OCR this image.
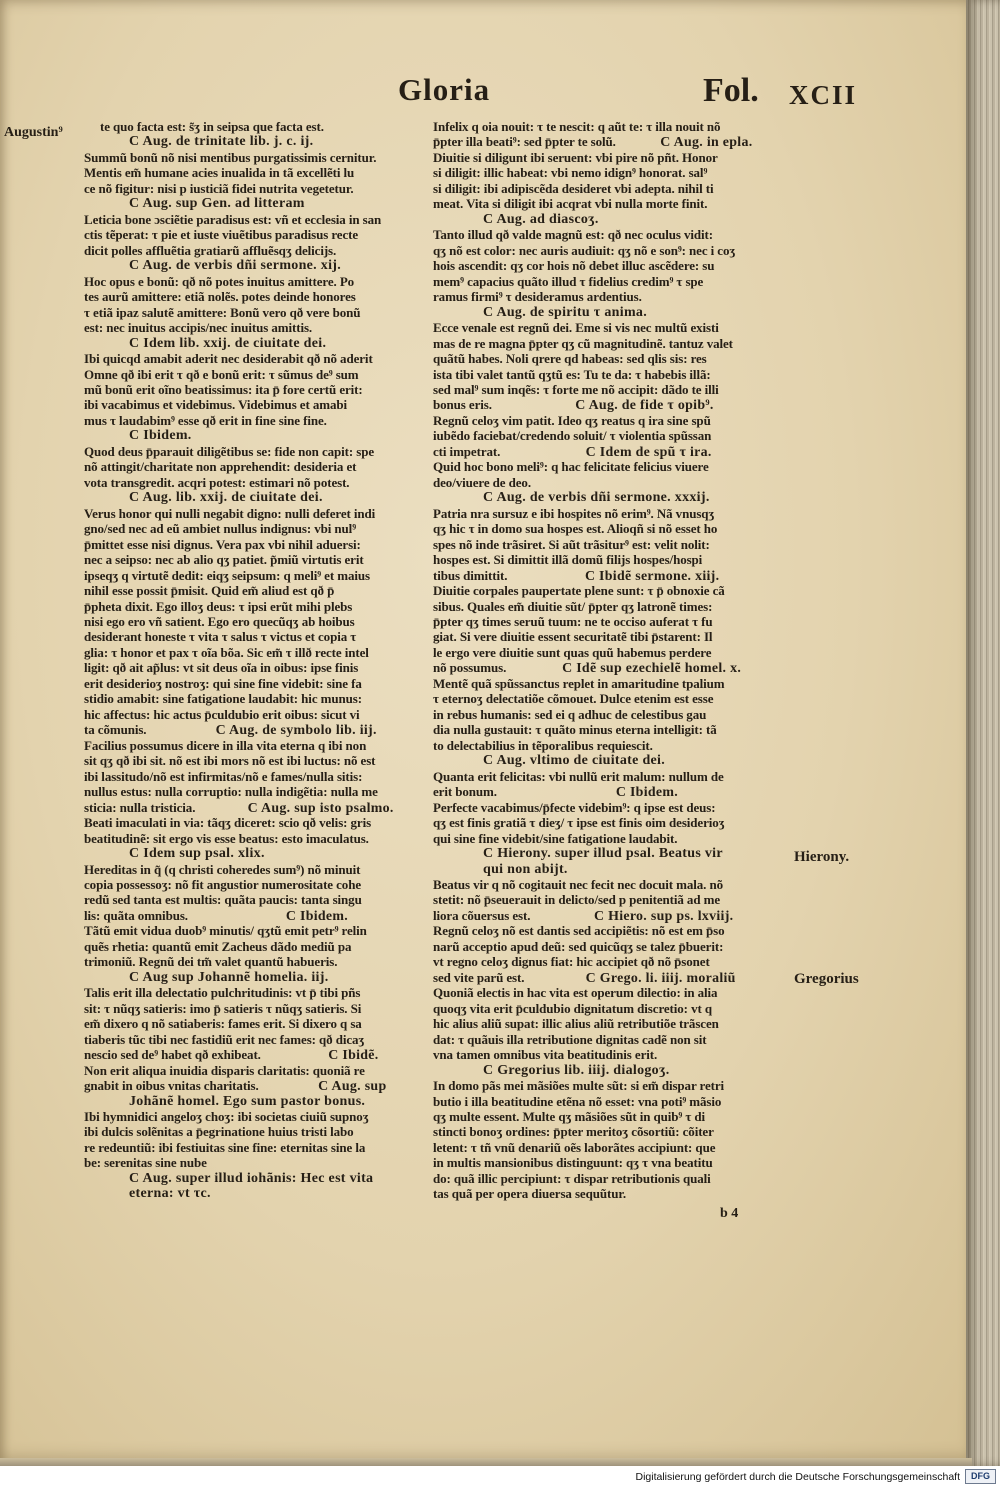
Gloria	Fol. XCII
Augustin⁹
Hierony.
Gregorius
te quo facta est: s̃ʒ in seipsa que facta est.
C Aug. de trinitate lib. j. c. ij.
Summũ bonũ nõ nisi mentibus purgatissimis cernitur.
Mentis em̃ humane acies inualida in tã excellẽti lu
ce nõ figitur: nisi p iusticiã fidei nutrita vegetetur.
C Aug. sup Gen. ad litteram
Leticia bone ɔsciẽtie paradisus est: vñ et ecclesia in san
ctis tẽperat: τ pie et iuste viuẽtibus paradisus recte
dicit polles affluẽtia gratiarũ affluẽsqʒ delicijs.
C Aug. de verbis dñi sermone. xij.
Hoc opus e bonũ: qð nõ potes inuitus amittere. Po
tes aurũ amittere: etiã nolẽs. potes deinde honores
τ etiã ipaz salutẽ amittere: Bonũ vero qð vere bonũ
est: nec inuitus accipis/nec inuitus amittis.
C Idem lib. xxij. de ciuitate dei.
Ibi quicqd amabit aderit nec desiderabit qð nõ aderit
Omne qð ibi erit τ qð e bonũ erit: τ sũmus de⁹ sum
mũ bonũ erit oĩno beatissimus: ita p̄ fore certũ erit:
ibi vacabimus et videbimus. Videbimus et amabi
mus τ laudabim⁹ esse qð erit in fine sine fine.
C Ibidem.
Quod deus p̄parauit diligẽtibus se: fide non capit: spe
nõ attingit/charitate non apprehendit: desideria et
vota transgredit. acqri potest: estimari nõ potest.
C Aug. lib. xxij. de ciuitate dei.
Verus honor qui nulli negabit digno: nulli deferet indi
gno/sed nec ad eũ ambiet nullus indignus: vbi nul⁹
p̄mittet esse nisi dignus. Vera pax vbi nihil aduersi:
nec a seipso: nec ab alio qʒ patiet. p̃miũ virtutis erit
ipseqʒ q virtutẽ dedit: eiqʒ seipsum: q meli⁹ et maius
nihil esse possit p̄misit. Quid em̃ aliud est qð p̄
p̄pheta dixit. Ego illoʒ deus: τ ipsi erũt mihi plebs
nisi ego ero vñ satient. Ego ero quecũqʒ ab hoibus
desiderant honeste τ vita τ salus τ victus et copia τ
glia: τ honor et pax τ oĩa bõa. Sic em̃ τ illð recte intel
ligit: qð ait ap̃lus: vt sit deus oĩa in oibus: ipse finis
erit desiderioʒ nostroʒ: qui sine fine videbit: sine fa
stidio amabit: sine fatigatione laudabit: hic munus:
hic affectus: hic actus p̄culdubio erit oibus: sicut vi
ta cõmunis.	C Aug. de symbolo lib. iij.
Facilius possumus dicere in illa vita eterna q ibi non
sit qʒ qð ibi sit. nõ est ibi mors nõ est ibi luctus: nõ est
ibi lassitudo/nõ est infirmitas/nõ e fames/nulla sitis:
nullus estus: nulla corruptio: nulla indigẽtia: nulla me
sticia: nulla tristicia.	C Aug. sup isto psalmo.
Beati imaculati in via: tãqʒ diceret: scio qð velis: gris
beatitudinẽ: sit ergo vis esse beatus: esto imaculatus.
C Idem sup psal. xlix.
Hereditas in q̃ (q christi coheredes sum⁹) nõ minuit
copia possessoʒ: nõ fit angustior numerositate cohe
redũ sed tanta est multis: quãta paucis: tanta singu
lis: quãta omnibus.	C Ibidem.
Tãtũ emit vidua duob⁹ minutis/ qʒtũ emit petr⁹ relin
quẽs rhetia: quantũ emit Zacheus dãdo mediũ pa
trimoniũ. Regnũ dei tm̃ valet quantũ habueris.
C Aug sup Johannẽ homelia. iij.
Talis erit illa delectatio pulchritudinis: vt p̄ tibi pñs
sit: τ nũqʒ satieris: imo p̄ satieris τ nũqʒ satieris. Si
em̃ dixero q nõ satiaberis: fames erit. Si dixero q sa
tiaberis tũc tibi nec fastidiũ erit nec fames: qð dicaʒ
nescio sed de⁹ habet qð exhibeat.	C Ibidẽ.
Non erit aliqua inuidia disparis claritatis: quoniã re
gnabit in oibus vnitas charitatis.	C Aug. sup
Johãnẽ homel. Ego sum pastor bonus.
Ibi hymnidici angeloʒ choʒ: ibi societas ciuiũ supnoʒ
ibi dulcis solẽnitas a p̄egrinatione huius tristi labo
re redeuntiũ: ibi festiuitas sine fine: eternitas sine la
be: serenitas sine nube
C Aug. super illud iohãnis: Hec est vita
eterna: vt τc.
Infelix q oia nouit: τ te nescit: q aũt te: τ illa nouit nõ
p̄pter illa beati⁹: sed p̄pter te solũ.	C Aug. in epla.
Diuitie si diligunt ibi seruent: vbi pire nõ pñt. Honor
si diligit: illic habeat: vbi nemo idign⁹ honorat. sal⁹
si diligit: ibi adipiscẽda desideret vbi adepta. nihil ti
meat. Vita si diligit ibi acqrat vbi nulla morte finit.
C Aug. ad diascoʒ.
Tanto illud qð valde magnũ est: qð nec oculus vidit:
qʒ nõ est color: nec auris audiuit: qʒ nõ e son⁹: nec i coʒ
hois ascendit: qʒ cor hois nõ debet illuc ascẽdere: su
mem⁹ capacius quãto illud τ fidelius credim⁹ τ spe
ramus firmi⁹ τ desideramus ardentius.
C Aug. de spiritu τ anima.
Ecce venale est regnũ dei. Eme si vis nec multũ existi
mas de re magna p̄pter qʒ cũ magnitudinẽ. tantuz valet
quãtũ habes. Noli qrere qd habeas: sed qlis sis: res
ista tibi valet tantũ qʒtũ es: Tu te da: τ habebis illã:
sed mal⁹ sum inqẽs: τ forte me nõ accipit: dãdo te illi
bonus eris.	C Aug. de fide τ opib⁹.
Regnũ celoʒ vim patit. Ideo qʒ reatus q ira sine spũ
iubẽdo faciebat/credendo soluit/ τ violentia spũssan
cti impetrat.	C Idem de spũ τ ira.
Quid hoc bono meli⁹: q hac felicitate felicius viuere
deo/viuere de deo.
C Aug. de verbis dñi sermone. xxxij.
Patria nra sursuz e ibi hospites nõ erim⁹. Nã vnusqʒ
qʒ hic τ in domo sua hospes est. Alioqñ si nõ esset ho
spes nõ inde trãsiret. Si aũt trãsitur⁹ est: velit nolit:
hospes est. Si dimittit illã domũ filijs hospes/hospi
tibus dimittit.	C Ibidẽ sermone. xiij.
Diuitie corpales paupertate plene sunt: τ p̄ obnoxie cã
sibus. Quales em̃ diuitie sũt/ p̄pter qʒ latronẽ times:
p̄pter qʒ times seruũ tuum: ne te occiso auferat τ fu
giat. Si vere diuitie essent securitatẽ tibi p̄starent: Il
le ergo vere diuitie sunt quas quũ habemus perdere
nõ possumus.	C Idẽ sup ezechielẽ homel. x.
Mentẽ quã spũssanctus replet in amaritudine tpalium
τ eternoʒ delectatiõe cõmouet. Dulce etenim est esse
in rebus humanis: sed ei q adhuc de celestibus gau
dia nulla gustauit: τ quãto minus eterna intelligit: tã
to delectabilius in tẽporalibus requiescit.
C Aug. vltimo de ciuitate dei.
Quanta erit felicitas: vbi nullũ erit malum: nullum de
erit bonum.	C Ibidem.
Perfecte vacabimus/p̄fecte videbim⁹: q ipse est deus:
qʒ est finis gratiã τ dieʒ/ τ ipse est finis oim desiderioʒ
qui sine fine videbit/sine fatigatione laudabit.
C Hierony. super illud psal. Beatus vir
qui non abijt.
Beatus vir q nõ cogitauit nec fecit nec docuit mala. nõ
stetit: nõ p̄seuerauit in delicto/sed p penitentiã ad me
liora cõuersus est.	C Hiero. sup ps. lxviij.
Regnũ celoʒ nõ est dantis sed accipiẽtis: nõ est em p̄so
narũ acceptio apud deũ: sed quicũqʒ se talez p̄buerit:
vt regno celoʒ dignus fiat: hic accipiet qð nõ p̄sonet
sed vite parũ est.	C Grego. li. iiij. moraliũ
Quoniã electis in hac vita est operum dilectio: in alia
quoqʒ vita erit p̄culdubio dignitatum discretio: vt q
hic alius aliũ supat: illic alius aliũ retributiõe trãscen
dat: τ quãuis illa retributione dignitas cadẽ non sit
vna tamen omnibus vita beatitudinis erit.
C Gregorius lib. iiij. dialogoʒ.
In domo pãs mei mãsiões multe sũt: si em̃ dispar retri
butio i illa beatitudine etẽna nõ esset: vna poti⁹ mãsio
qʒ multe essent. Multe qʒ mãsiões sũt in quib⁹ τ di
stincti bonoʒ ordines: p̄pter meritoʒ cõsortiũ: cõiter
letent: τ tñ vnũ denariũ oẽs laborãtes accipiunt: que
in multis mansionibus distinguunt: qʒ τ vna beatitu
do: quã illic percipiunt: τ dispar retributionis quali
tas quã per opera diuersa sequũtur.
b 4
Digitalisierung gefördert durch die Deutsche Forschungsgemeinschaft	DFG
